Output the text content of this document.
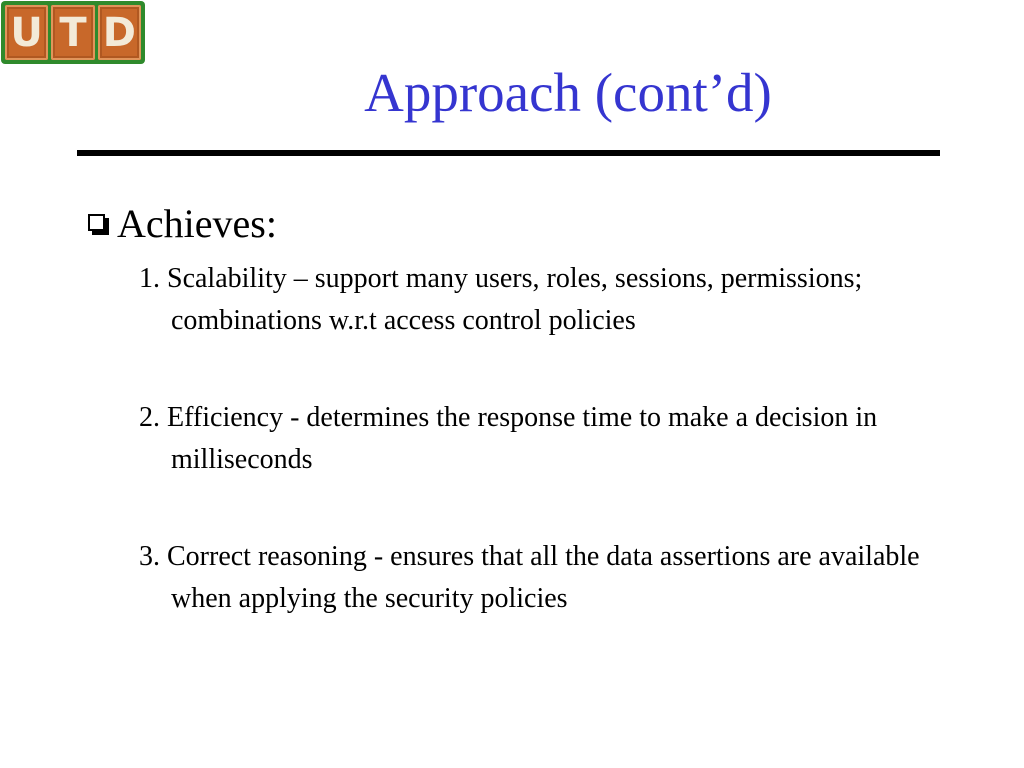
U T D
Approach (cont’d)
Achieves:
1. Scalability – support many users, roles, sessions, permissions; combinations w.r.t access control policies
2. Efficiency - determines the response time to make a decision in milliseconds
3. Correct reasoning - ensures that all the data assertions are available when applying the security policies
